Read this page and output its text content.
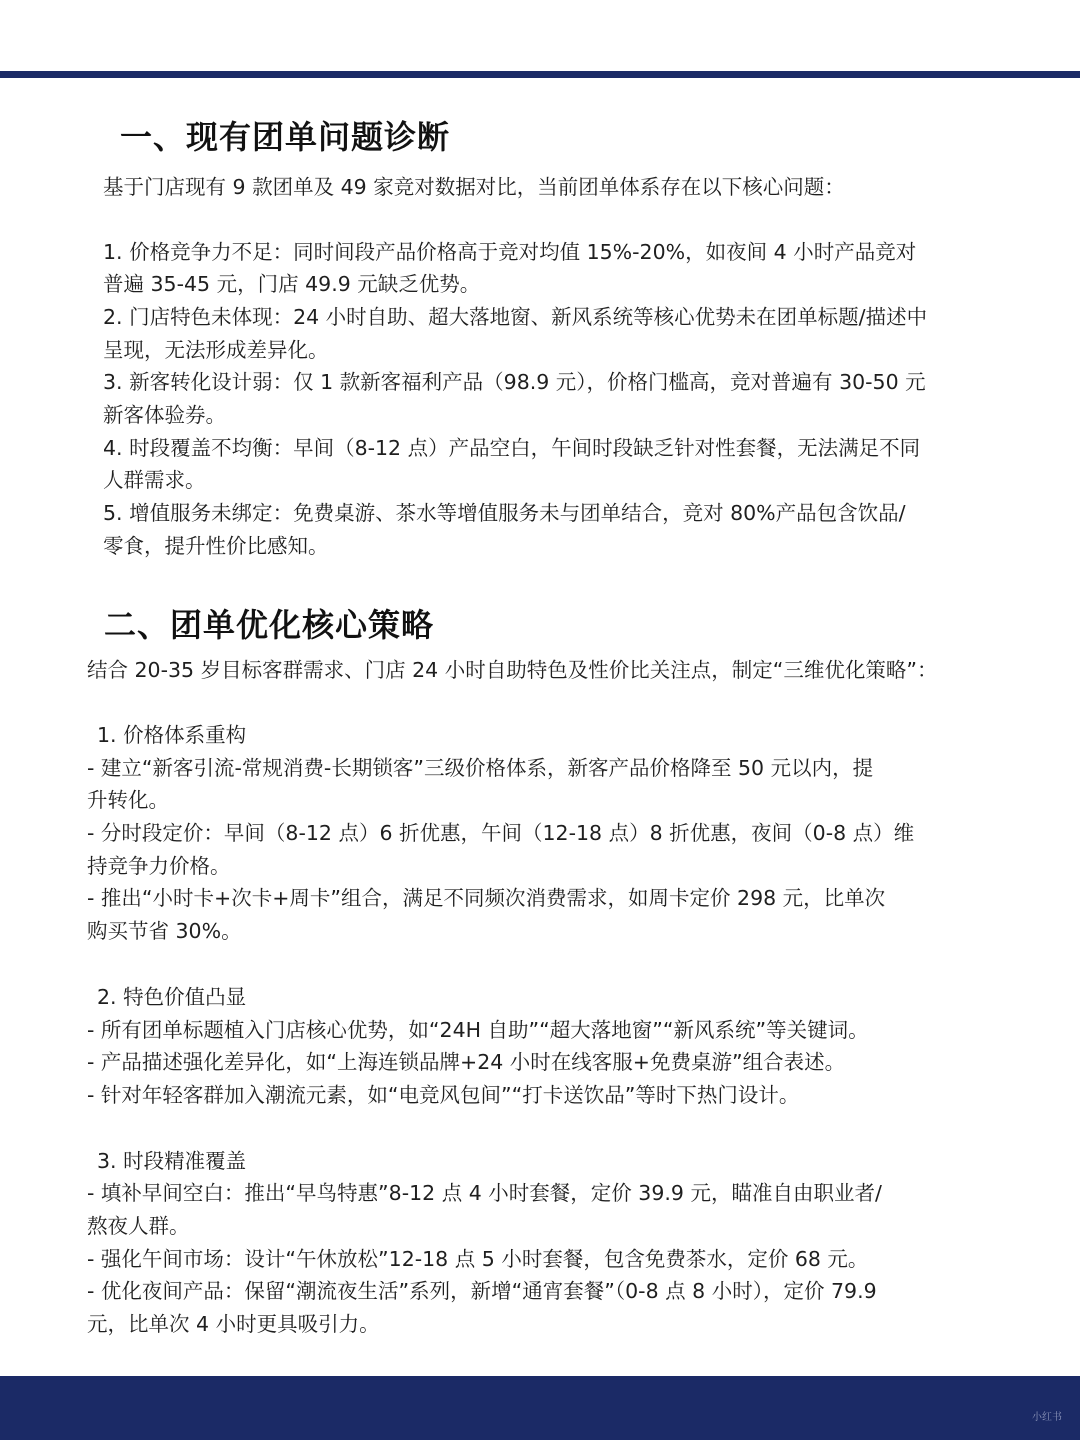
一、现有团单问题诊断
基于门店现有 9 款团单及 49 家竞对数据对比，当前团单体系存在以下核心问题：
1. 价格竞争力不足：同时间段产品价格高于竞对均值 15%-20%，如夜间 4 小时产品竞对
普遍 35-45 元，门店 49.9 元缺乏优势。
2. 门店特色未体现：24 小时自助、超大落地窗、新风系统等核心优势未在团单标题/描述中
呈现，无法形成差异化。
3. 新客转化设计弱：仅 1 款新客福利产品（98.9 元），价格门槛高，竞对普遍有 30-50 元
新客体验券。
4. 时段覆盖不均衡：早间（8-12 点）产品空白，午间时段缺乏针对性套餐，无法满足不同
人群需求。
5. 增值服务未绑定：免费桌游、茶水等增值服务未与团单结合，竞对 80%产品包含饮品/
零食，提升性价比感知。
二、团单优化核心策略
结合 20-35 岁目标客群需求、门店 24 小时自助特色及性价比关注点，制定“三维优化策略”：
1. 价格体系重构
- 建立“新客引流-常规消费-长期锁客”三级价格体系，新客产品价格降至 50 元以内，提
升转化。
- 分时段定价：早间（8-12 点）6 折优惠，午间（12-18 点）8 折优惠，夜间（0-8 点）维
持竞争力价格。
- 推出“小时卡+次卡+周卡”组合，满足不同频次消费需求，如周卡定价 298 元，比单次
购买节省 30%。
2. 特色价值凸显
- 所有团单标题植入门店核心优势，如“24H 自助”“超大落地窗”“新风系统”等关键词。
- 产品描述强化差异化，如“上海连锁品牌+24 小时在线客服+免费桌游”组合表述。
- 针对年轻客群加入潮流元素，如“电竞风包间”“打卡送饮品”等时下热门设计。
3. 时段精准覆盖
- 填补早间空白：推出“早鸟特惠”8-12 点 4 小时套餐，定价 39.9 元，瞄准自由职业者/
熬夜人群。
- 强化午间市场：设计“午休放松”12-18 点 5 小时套餐，包含免费茶水，定价 68 元。
- 优化夜间产品：保留“潮流夜生活”系列，新增“通宵套餐”（0-8 点 8 小时），定价 79.9
元，比单次 4 小时更具吸引力。
小红书
